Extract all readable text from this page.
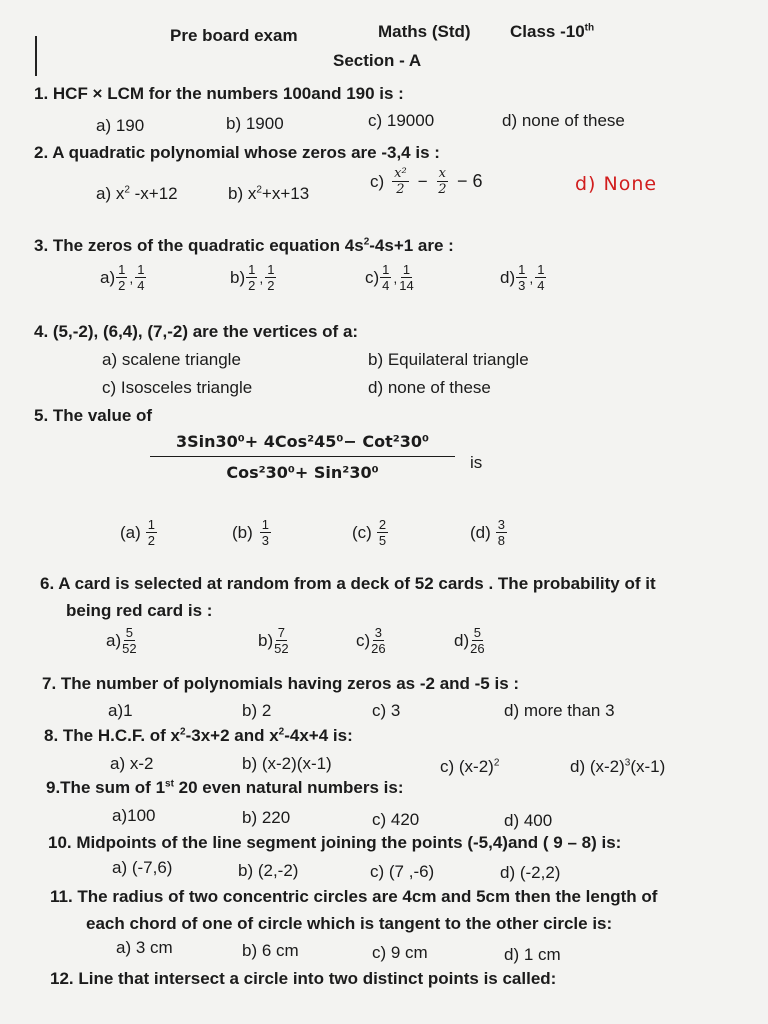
Pre board exam	Maths (Std) Class -10th
Section - A
1. HCF × LCM for the numbers 100and 190 is :
a) 190	b) 1900	c) 19000	d) none of these
2. A quadratic polynomial whose zeros are -3,4 is :
a) $x^2$ -x+12	b) $x^2+x+13$
$c) \frac{\text{x²}}{2} - \frac{x}{2} - 6$	d) None
3. The zeros of the quadratic equation $4s^2-4s+1$ are :
$a) \frac{1}{2}$ , $\frac{1}{4}$	$b) \frac{1}{2}$ , $\frac{1}{2}$	$c) \frac{1}{4}$ , $\frac{1}{14}$	$d) \frac{1}{3}$ , $\frac{1}{4}$
4. (5,-2), (6,4), (7,-2) are the vertices of a:
a) scalene triangle	b) Equilateral triangle
c) Isosceles triangle	d) none of these
5. The value of
3Sin30⁰+ 4Cos²45⁰− Cot²30⁰
Cos²30⁰+ Sin²30⁰
is
$(a) \frac{1}{2}$	$(b) \frac{1}{3}$	$(c) \frac{2}{5}$	$(d) \frac{3}{8}$
6. A card is selected at random from a deck of 52 cards . The probability of it
being red card is :
$a) \frac{5}{52}$	$b) \frac{7}{52}$	$c) \frac{3}{26}$	$d) \frac{5}{26}$
7. The number of polynomials having zeros as -2 and -5 is :
a)1	b) 2	c) 3	d) more than 3
8. The H.C.F. of $x^2-3x+2$ and $x^2-4x+4$ is:
a) x-2	b) (x-2)(x-1)	c) $(x-2)^2$	d) $(x-2)^3(x-1)$
9.The sum of 1st 20 even natural numbers is:
a)100	b) 220	c) 420	d) 400
10. Midpoints of the line segment joining the points (-5,4)and ( 9 – 8) is:
a) (-7,6)	b) (2,-2)	c) (7 ,-6)	d) (-2,2)
11. The radius of two concentric circles are 4cm and 5cm then the length of
each chord of one of circle which is tangent to the other circle is:
a) 3 cm	b) 6 cm	c) 9 cm	d) 1 cm
12. Line that intersect a circle into two distinct points is called:
